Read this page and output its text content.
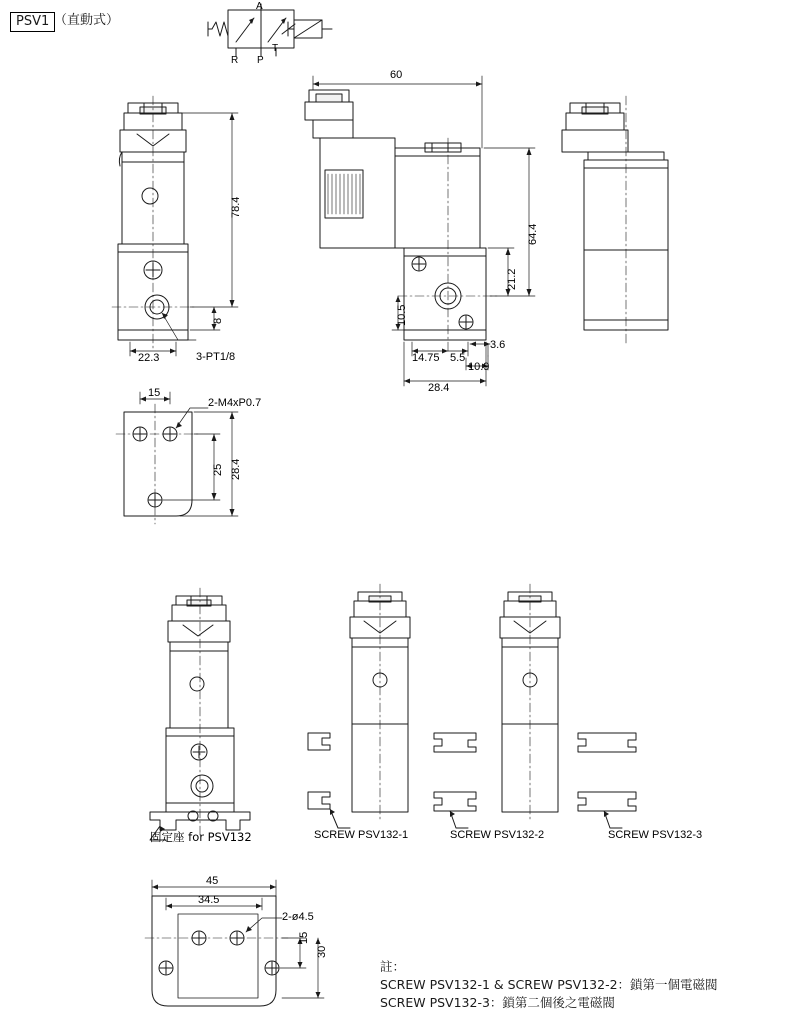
PSV1 （直動式）
A
R P
T
78.4
8
22.3	3-PT1/8
60
64.4
21.2
10.5
14.75 5.5
3.6
10.9
28.4
15
2-M4xP0.7
25 28.4
固定座 for PSV132	SCREW PSV132-1	SCREW PSV132-2	SCREW PSV132-3
45
34.5
2-ø4.5
15
30
註：
SCREW PSV132-1 & SCREW PSV132-2：鎖第一個電磁閥
SCREW PSV132-3：鎖第二個後之電磁閥
